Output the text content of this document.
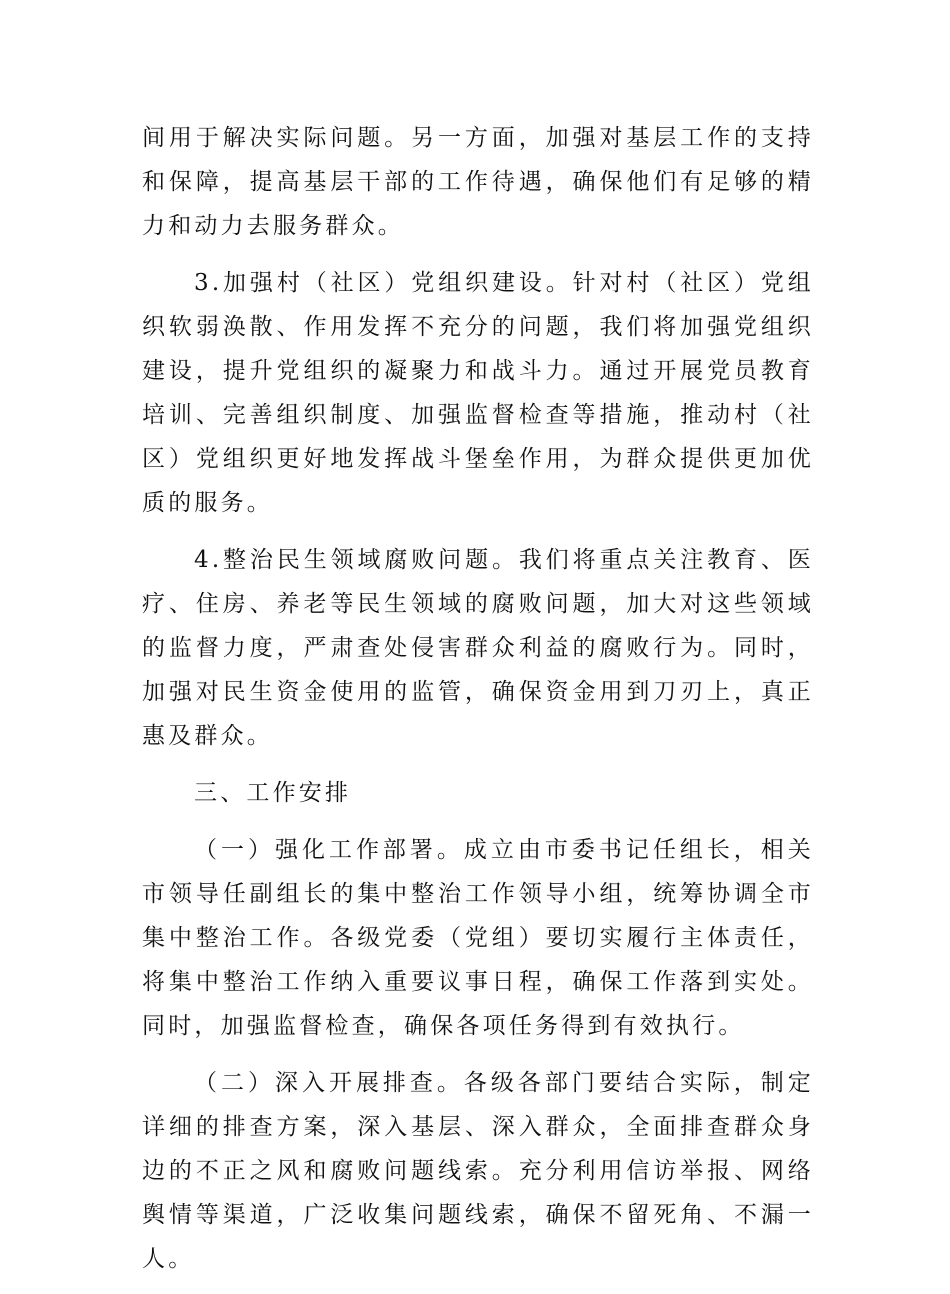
间用于解决实际问题。另一方面，加强对基层工作的支持和保障，提高基层干部的工作待遇，确保他们有足够的精力和动力去服务群众。

3.加强村（社区）党组织建设。针对村（社区）党组织软弱涣散、作用发挥不充分的问题，我们将加强党组织建设，提升党组织的凝聚力和战斗力。通过开展党员教育培训、完善组织制度、加强监督检查等措施，推动村（社区）党组织更好地发挥战斗堡垒作用，为群众提供更加优质的服务。

4.整治民生领域腐败问题。我们将重点关注教育、医疗、住房、养老等民生领域的腐败问题，加大对这些领域的监督力度，严肃查处侵害群众利益的腐败行为。同时，加强对民生资金使用的监管，确保资金用到刀刃上，真正惠及群众。

三、工作安排

（一）强化工作部署。成立由市委书记任组长，相关市领导任副组长的集中整治工作领导小组，统筹协调全市集中整治工作。各级党委（党组）要切实履行主体责任，将集中整治工作纳入重要议事日程，确保工作落到实处。同时，加强监督检查，确保各项任务得到有效执行。

（二）深入开展排查。各级各部门要结合实际，制定详细的排查方案，深入基层、深入群众，全面排查群众身边的不正之风和腐败问题线索。充分利用信访举报、网络舆情等渠道，广泛收集问题线索，确保不留死角、不漏一人。
